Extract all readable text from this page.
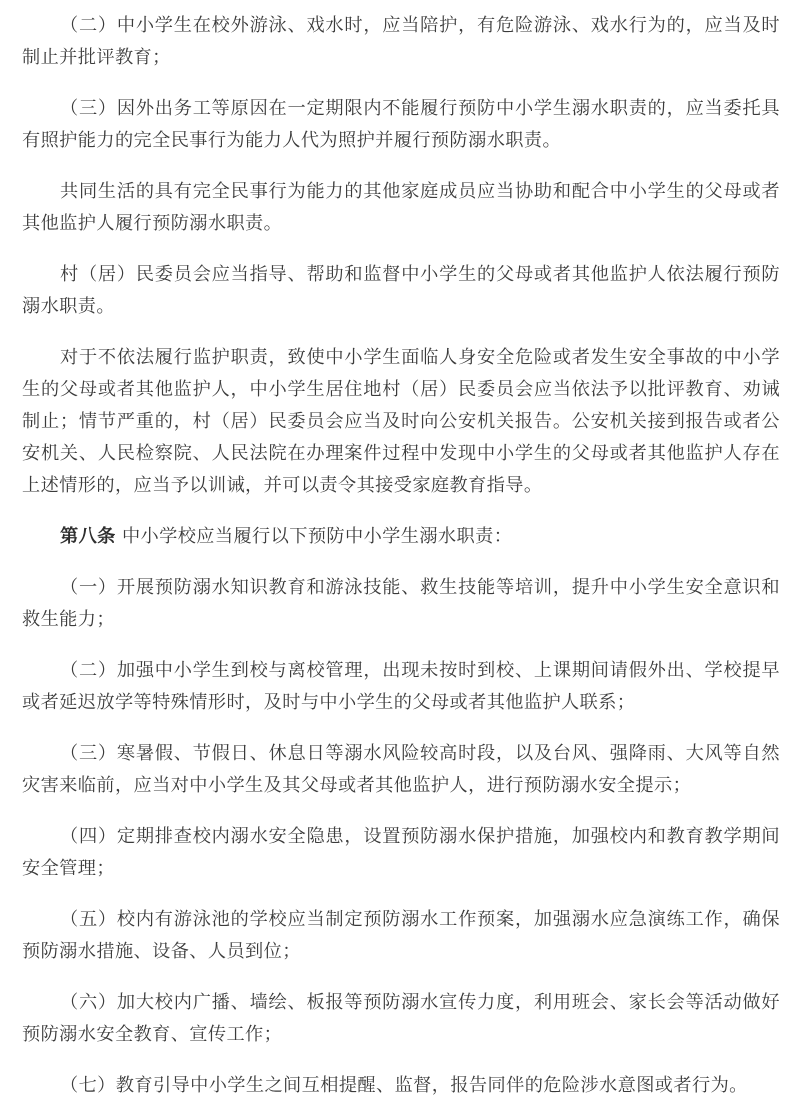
（二）中小学生在校外游泳、戏水时，应当陪护，有危险游泳、戏水行为的，应当及时制止并批评教育；

（三）因外出务工等原因在一定期限内不能履行预防中小学生溺水职责的，应当委托具有照护能力的完全民事行为能力人代为照护并履行预防溺水职责。

共同生活的具有完全民事行为能力的其他家庭成员应当协助和配合中小学生的父母或者其他监护人履行预防溺水职责。

村（居）民委员会应当指导、帮助和监督中小学生的父母或者其他监护人依法履行预防溺水职责。

对于不依法履行监护职责，致使中小学生面临人身安全危险或者发生安全事故的中小学生的父母或者其他监护人，中小学生居住地村（居）民委员会应当依法予以批评教育、劝诫制止；情节严重的，村（居）民委员会应当及时向公安机关报告。公安机关接到报告或者公安机关、人民检察院、人民法院在办理案件过程中发现中小学生的父母或者其他监护人存在上述情形的，应当予以训诫，并可以责令其接受家庭教育指导。

第八条 中小学校应当履行以下预防中小学生溺水职责：

（一）开展预防溺水知识教育和游泳技能、救生技能等培训，提升中小学生安全意识和救生能力；

（二）加强中小学生到校与离校管理，出现未按时到校、上课期间请假外出、学校提早或者延迟放学等特殊情形时，及时与中小学生的父母或者其他监护人联系；

（三）寒暑假、节假日、休息日等溺水风险较高时段，以及台风、强降雨、大风等自然灾害来临前，应当对中小学生及其父母或者其他监护人，进行预防溺水安全提示；

（四）定期排查校内溺水安全隐患，设置预防溺水保护措施，加强校内和教育教学期间安全管理；

（五）校内有游泳池的学校应当制定预防溺水工作预案，加强溺水应急演练工作，确保预防溺水措施、设备、人员到位；

（六）加大校内广播、墙绘、板报等预防溺水宣传力度，利用班会、家长会等活动做好预防溺水安全教育、宣传工作；

（七）教育引导中小学生之间互相提醒、监督，报告同伴的危险涉水意图或者行为。
